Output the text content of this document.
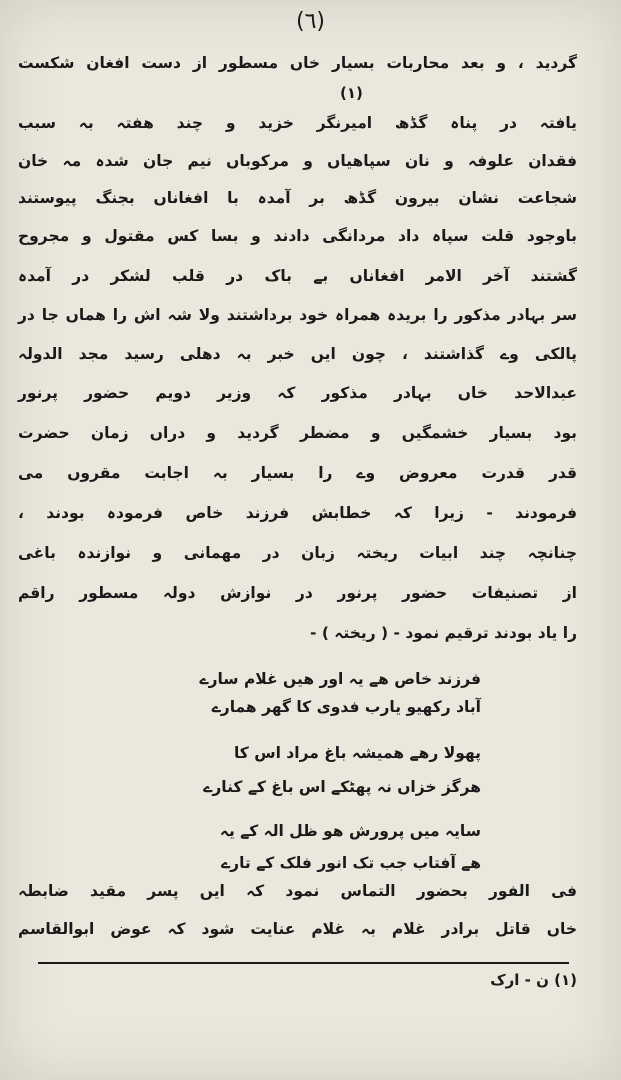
(٦)
(١)
گردید ، و بعد محاربات بسیار خاں مسطور از دست افغان شکست
یافتہ در پناہ گڈھ امیرنگر خزید و چند ھفتہ بہ سبب
فقدان علوفہ و نان سپاھیاں و مرکوباں نیم جان شدہ مہ خان
شجاعت نشان بیرون گڈھ بر آمدہ با افغاناں بجنگ پیوستند
باوجود قلت سپاہ داد مردانگی دادند و بسا کس مقتول و مجروح
گشتند آخر الامر افغاناں بے باک در قلب لشکر در آمدہ
سر بہادر مذکور را بریدہ ھمراہ خود برداشتند ولا شہ اش را ھماں جا در
پالکی وے گذاشتند ، چون ایں خبر بہ دھلی رسید مجد الدولہ
عبدالاحد خاں بہادر مذکور کہ وزیر دویم حضور پرنور
بود بسیار خشمگیں و مضطر گردید و دراں زمان حضرت
قدر قدرت معروض وے را بسیار بہ اجابت مقروں می
فرمودند - زیرا کہ خطابش فرزند خاص فرمودہ بودند ،
چنانچہ چند ابیات ریختہ زبان در مھمانی و نوازندہ باغی
از تصنیفات حضور پرنور در نوازش دولہ مسطور راقم
را یاد بودند ترقیم نمود - ( ریختہ ) -
فرزند خاص ھے یہ اور ھیں غلام سارے
آباد رکھیو یارب فدوی کا گھر ھمارے
پھولا رھے ھمیشہ باغ مراد اس کا
ھرگز خزاں نہ پھٹکے اس باغ کے کنارے
سایہ میں پرورش ھو ظل الہ کے یہ
ھے آفتاب جب تک انور فلک کے تارے
فی الفور بحضور التماس نمود کہ ایں پسر مقید ضابطہ
خاں قاتل برادر غلام بہ غلام عنایت شود کہ عوض ابوالقاسم
(١) ن - ارک
